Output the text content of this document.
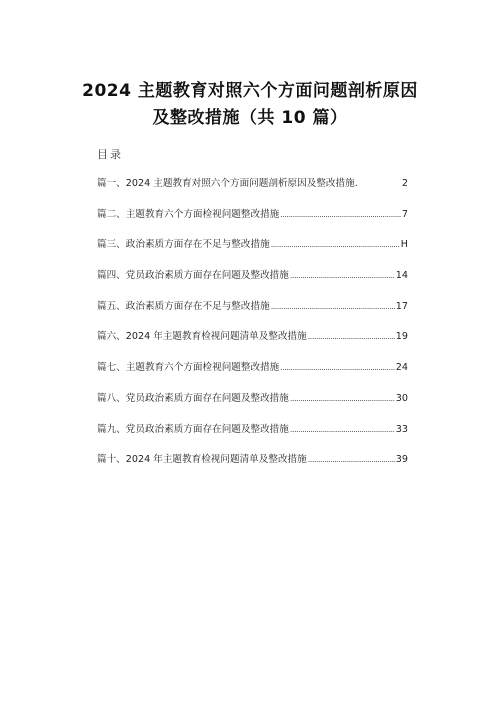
2024 主题教育对照六个方面问题剖析原因
及整改措施（共 10 篇）
目录
篇一、2024 主题教育对照六个方面问题剖析原因及整改措施.	2
篇二、主题教育六个方面检视问题整改措施 .....	7
篇三、政治素质方面存在不足与整改措施 .....	H
篇四、党员政治素质方面存在问题及整改措施 .....	14
篇五、政治素质方面存在不足与整改措施 .....	17
篇六、2024 年主题教育检视问题清单及整改措施 .....	19
篇七、主题教育六个方面检视问题整改措施 .....	24
篇八、党员政治素质方面存在问题及整改措施 .....	30
篇九、党员政治素质方面存在问题及整改措施 .....	33
篇十、2024 年主题教育检视问题清单及整改措施 .....	39
